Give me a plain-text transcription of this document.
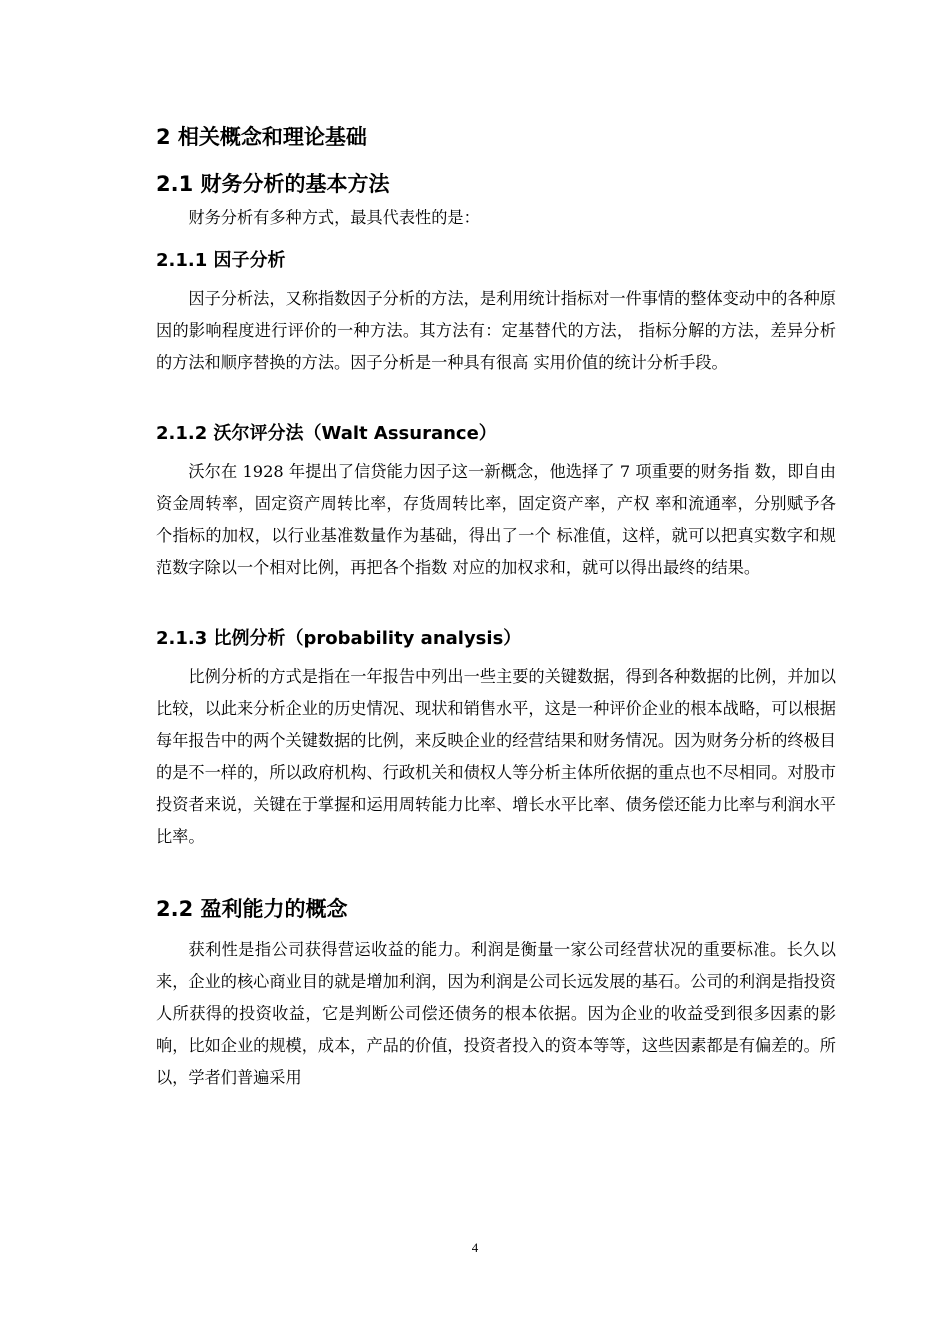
2 相关概念和理论基础
2.1 财务分析的基本方法

财务分析有多种方式，最具代表性的是：

2.1.1 因子分析

因子分析法，又称指数因子分析的方法，是利用统计指标对一件事情的整体变动中的各种原因的影响程度进行评价的一种方法。其方法有：定基替代的方法， 指标分解的方法，差异分析的方法和顺序替换的方法。因子分析是一种具有很高 实用价值的统计分析手段。

2.1.2 沃尔评分法（Walt Assurance）

沃尔在 1928 年提出了信贷能力因子这一新概念，他选择了 7 项重要的财务指 数，即自由资金周转率，固定资产周转比率，存货周转比率，固定资产率，产权 率和流通率，分别赋予各个指标的加权，以行业基准数量作为基础，得出了一个 标准值，这样，就可以把真实数字和规范数字除以一个相对比例，再把各个指数 对应的加权求和，就可以得出最终的结果。

2.1.3 比例分析（probability analysis）

比例分析的方式是指在一年报告中列出一些主要的关键数据，得到各种数据的比例，并加以比较，以此来分析企业的历史情况、现状和销售水平，这是一种评价企业的根本战略，可以根据每年报告中的两个关键数据的比例，来反映企业的经营结果和财务情况。因为财务分析的终极目的是不一样的，所以政府机构、行政机关和债权人等分析主体所依据的重点也不尽相同。对股市投资者来说，关键在于掌握和运用周转能力比率、增长水平比率、债务偿还能力比率与利润水平比率。

2.2 盈利能力的概念

获利性是指公司获得营运收益的能力。利润是衡量一家公司经营状况的重要标准。长久以来，企业的核心商业目的就是增加利润，因为利润是公司长远发展的基石。公司的利润是指投资人所获得的投资收益，它是判断公司偿还债务的根本依据。因为企业的收益受到很多因素的影响，比如企业的规模，成本，产品的价值，投资者投入的资本等等，这些因素都是有偏差的。所以，学者们普遍采用

4
